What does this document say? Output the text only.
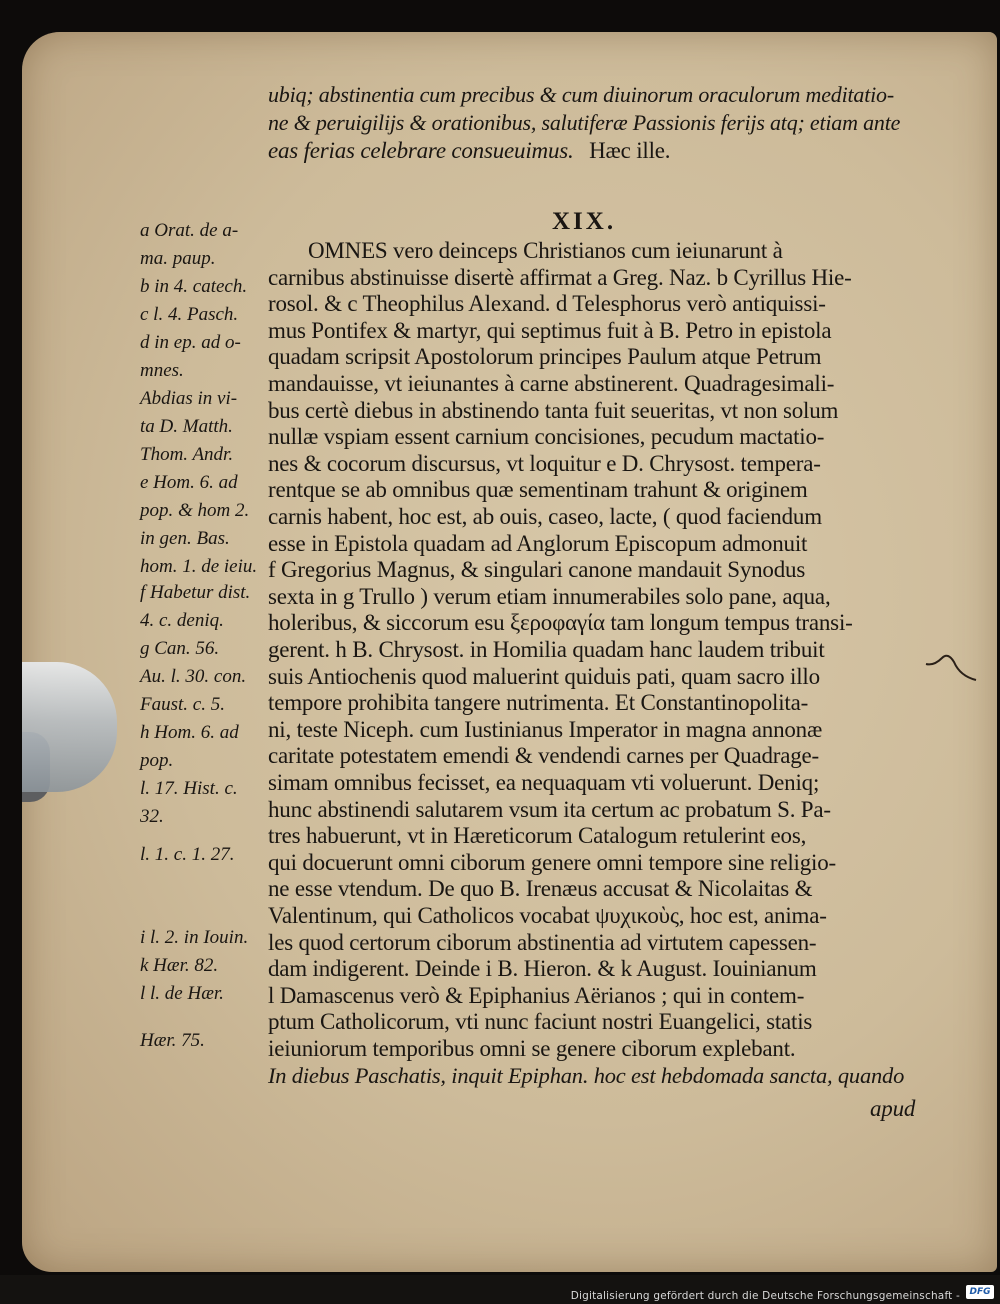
ubiq; abstinentia cum precibus & cum diuinorum oraculorum meditatio-
ne & peruigilijs & orationibus, salutiferæ Passionis ferijs atq; etiam ante
eas ferias celebrare consueuimus. Hæc ille.
XIX.
OMNES vero deinceps Christianos cum ieiunarunt à
carnibus abstinuisse disertè affirmat a Greg. Naz. b Cyrillus Hie-
rosol. & c Theophilus Alexand. d Telesphorus verò antiquissi-
mus Pontifex & martyr, qui septimus fuit à B. Petro in epistola
quadam scripsit Apostolorum principes Paulum atque Petrum
mandauisse, vt ieiunantes à carne abstinerent. Quadragesimali-
bus certè diebus in abstinendo tanta fuit seueritas, vt non solum
nullæ vspiam essent carnium concisiones, pecudum mactatio-
nes & cocorum discursus, vt loquitur e D. Chrysost. tempera-
rentque se ab omnibus quæ sementinam trahunt & originem
carnis habent, hoc est, ab ouis, caseo, lacte, ( quod faciendum
esse in Epistola quadam ad Anglorum Episcopum admonuit
f Gregorius Magnus, & singulari canone mandauit Synodus
sexta in g Trullo ) verum etiam innumerabiles solo pane, aqua,
holeribus, & siccorum esu ξεροφαγία tam longum tempus transi-
gerent. h B. Chrysost. in Homilia quadam hanc laudem tribuit
suis Antiochenis quod maluerint quiduis pati, quam sacro illo
tempore prohibita tangere nutrimenta. Et Constantinopolita-
ni, teste Niceph. cum Iustinianus Imperator in magna annonæ
caritate potestatem emendi & vendendi carnes per Quadrage-
simam omnibus fecisset, ea nequaquam vti voluerunt. Deniq;
hunc abstinendi salutarem vsum ita certum ac probatum S. Pa-
tres habuerunt, vt in Hæreticorum Catalogum retulerint eos,
qui docuerunt omni ciborum genere omni tempore sine religio-
ne esse vtendum. De quo B. Irenæus accusat & Nicolaitas &
Valentinum, qui Catholicos vocabat ψυχικοὺς, hoc est, anima-
les quod certorum ciborum abstinentia ad virtutem capessen-
dam indigerent. Deinde i B. Hieron. & k August. Iouinianum
l Damascenus verò & Epiphanius Aërianos ; qui in contem-
ptum Catholicorum, vti nunc faciunt nostri Euangelici, statis
ieiuniorum temporibus omni se genere ciborum explebant.
In diebus Paschatis, inquit Epiphan. hoc est hebdomada sancta, quando
apud
a Orat. de a-
ma. paup.
b in 4. catech.
c l. 4. Pasch.
d in ep. ad o-
mnes.
Abdias in vi-
ta D. Matth.
Thom. Andr.
e Hom. 6. ad
pop. & hom 2.
in gen. Bas.
hom. 1. de ieiu.
f Habetur dist.
4. c. deniq.
g Can. 56.
Au. l. 30. con.
Faust. c. 5.
h Hom. 6. ad
pop.
l. 17. Hist. c.
32.
l. 1. c. 1. 27.
i l. 2. in Iouin.
k Hær. 82.
l l. de Hær.
Hær. 75.
Digitalisierung gefördert durch die Deutsche Forschungsgemeinschaft -	DFG
